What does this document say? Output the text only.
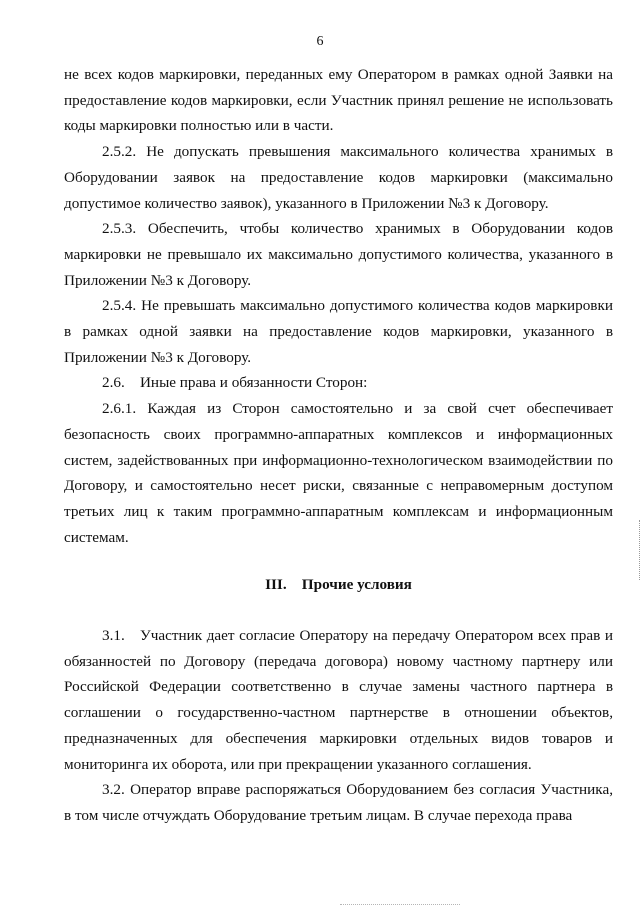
6

не всех кодов маркировки, переданных ему Оператором в рамках одной Заявки на предоставление кодов маркировки, если Участник принял решение не использовать коды маркировки полностью или в части.

2.5.2. Не допускать превышения максимального количества хранимых в Оборудовании заявок на предоставление кодов маркировки (максимально допустимое количество заявок), указанного в Приложении №3 к Договору.

2.5.3. Обеспечить, чтобы количество хранимых в Оборудовании кодов маркировки не превышало их максимально допустимого количества, указанного в Приложении №3 к Договору.

2.5.4. Не превышать максимально допустимого количества кодов маркировки в рамках одной заявки на предоставление кодов маркировки, указанного в Приложении №3 к Договору.

2.6. Иные права и обязанности Сторон:

2.6.1. Каждая из Сторон самостоятельно и за свой счет обеспечивает безопасность своих программно-аппаратных комплексов и информационных систем, задействованных при информационно-технологическом взаимодействии по Договору, и самостоятельно несет риски, связанные с неправомерным доступом третьих лиц к таким программно-аппаратным комплексам и информационным системам.

III. Прочие условия

3.1. Участник дает согласие Оператору на передачу Оператором всех прав и обязанностей по Договору (передача договора) новому частному партнеру или Российской Федерации соответственно в случае замены частного партнера в соглашении о государственно-частном партнерстве в отношении объектов, предназначенных для обеспечения маркировки отдельных видов товаров и мониторинга их оборота, или при прекращении указанного соглашения.

3.2. Оператор вправе распоряжаться Оборудованием без согласия Участника, в том числе отчуждать Оборудование третьим лицам. В случае перехода права
